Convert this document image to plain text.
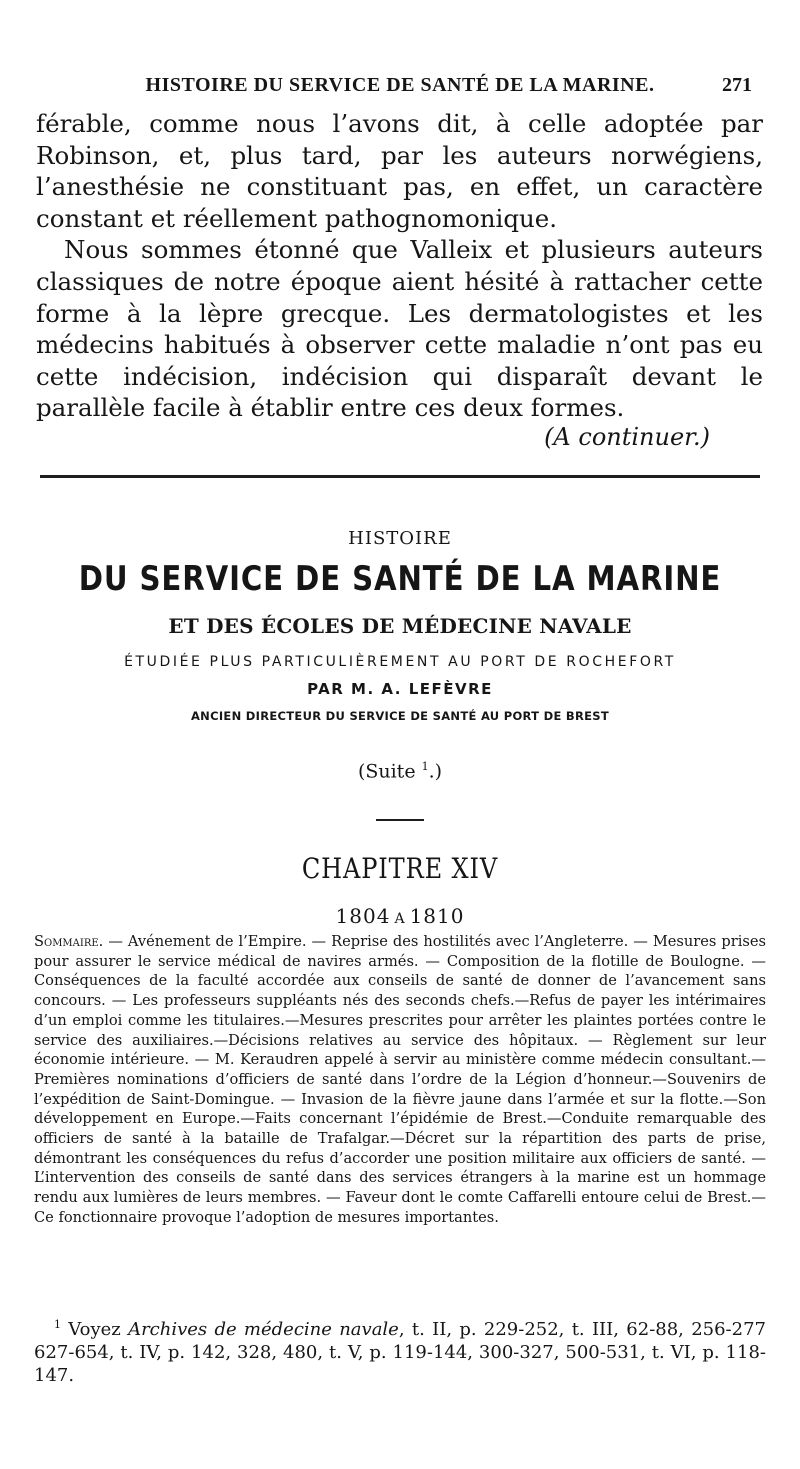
HISTOIRE DU SERVICE DE SANTÉ DE LA MARINE.	271

férable, comme nous l’avons dit, à celle adoptée par Robinson, et, plus tard, par les auteurs norwégiens, l’anesthésie ne constituant pas, en effet, un caractère constant et réellement pathognomonique.

Nous sommes étonné que Valleix et plusieurs auteurs classiques de notre époque aient hésité à rattacher cette forme à la lèpre grecque. Les dermatologistes et les médecins habitués à observer cette maladie n’ont pas eu cette indécision, indécision qui disparaît devant le parallèle facile à établir entre ces deux formes.

(A continuer.)
HISTOIRE
DU SERVICE DE SANTÉ DE LA MARINE
ET DES ÉCOLES DE MÉDECINE NAVALE
ÉTUDIÉE PLUS PARTICULIÈREMENT AU PORT DE ROCHEFORT
PAR M. A. LEFÈVRE
ANCIEN DIRECTEUR DU SERVICE DE SANTÉ AU PORT DE BREST
(Suite $^1$.)
CHAPITRE XIV
1804 A 1810

Sommaire. — Avénement de l’Empire. — Reprise des hostilités avec l’Angleterre. — Mesures prises pour assurer le service médical de navires armés. — Composition de la flotille de Boulogne. — Conséquences de la faculté accordée aux conseils de santé de donner de l’avancement sans concours. — Les professeurs suppléants nés des seconds chefs.—Refus de payer les intérimaires d’un emploi comme les titulaires.—Mesures prescrites pour arrêter les plaintes portées contre le service des auxiliaires.—Décisions relatives au service des hôpitaux. — Règlement sur leur économie intérieure. — M. Keraudren appelé à servir au ministère comme médecin consultant.—Premières nominations d’officiers de santé dans l’ordre de la Légion d’honneur.—Souvenirs de l’expédition de Saint-Domingue. — Invasion de la fièvre jaune dans l’armée et sur la flotte.—Son développement en Europe.—Faits concernant l’épidémie de Brest.—Conduite remarquable des officiers de santé à la bataille de Trafalgar.—Décret sur la répartition des parts de prise, démontrant les conséquences du refus d’accorder une position militaire aux officiers de santé. — L’intervention des conseils de santé dans des services étrangers à la marine est un hommage rendu aux lumières de leurs membres. — Faveur dont le comte Caffarelli entoure celui de Brest.—Ce fonctionnaire provoque l’adoption de mesures importantes.

$^1$ Voyez Archives de médecine navale, t. II, p. 229-252, t. III, 62-88, 256-277 627-654, t. IV, p. 142, 328, 480, t. V, p. 119-144, 300-327, 500-531, t. VI, p. 118-147.
